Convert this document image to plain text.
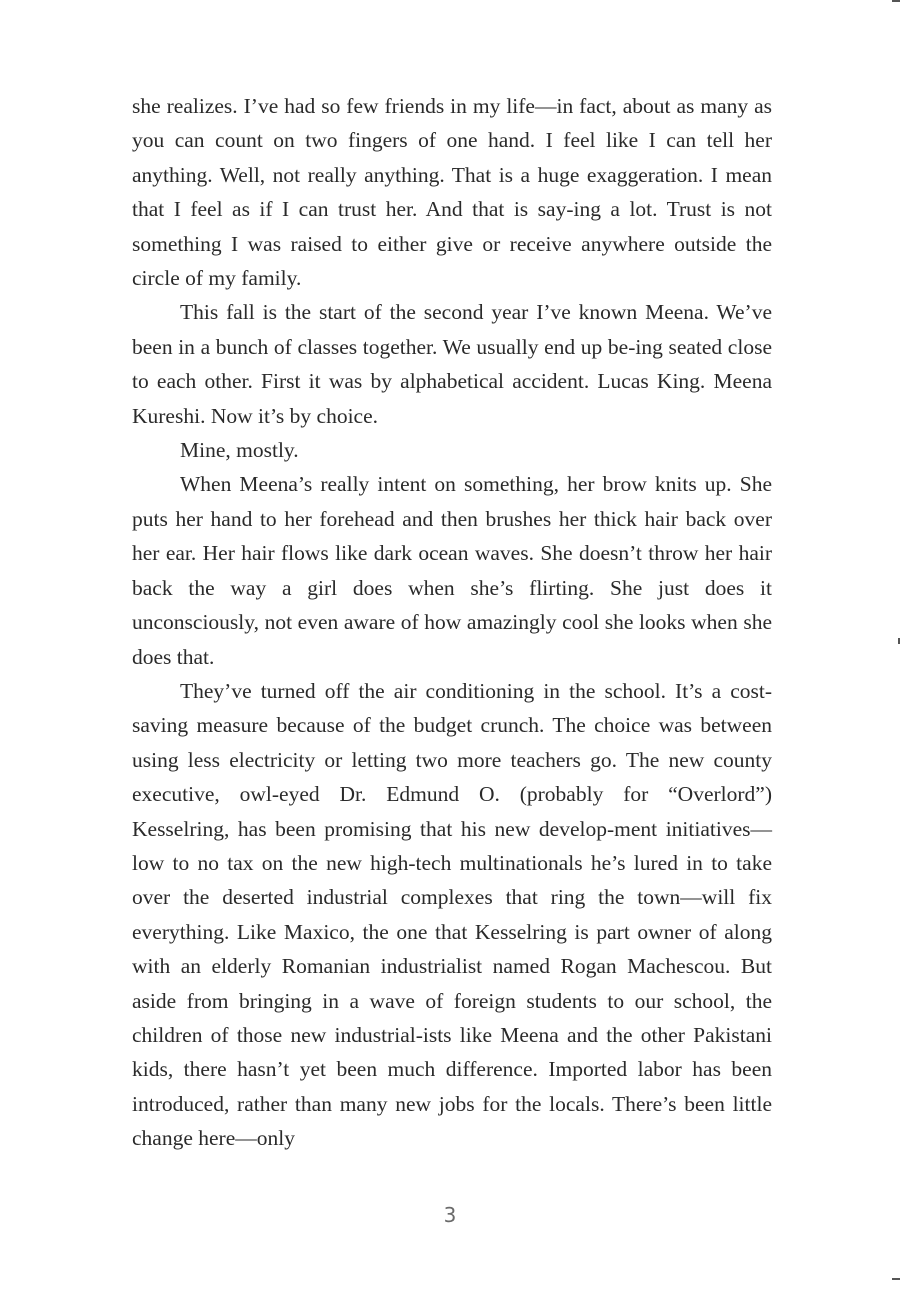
she realizes. I’ve had so few friends in my life—in fact, about as many as you can count on two fingers of one hand. I feel like I can tell her anything. Well, not really anything. That is a huge exaggeration. I mean that I feel as if I can trust her. And that is say-ing a lot. Trust is not something I was raised to either give or receive anywhere outside the circle of my family.

This fall is the start of the second year I’ve known Meena. We’ve been in a bunch of classes together. We usually end up be-ing seated close to each other. First it was by alphabetical accident. Lucas King. Meena Kureshi. Now it’s by choice.

Mine, mostly.

When Meena’s really intent on something, her brow knits up. She puts her hand to her forehead and then brushes her thick hair back over her ear. Her hair flows like dark ocean waves. She doesn’t throw her hair back the way a girl does when she’s flirting. She just does it unconsciously, not even aware of how amazingly cool she looks when she does that.

They’ve turned off the air conditioning in the school. It’s a cost-saving measure because of the budget crunch. The choice was between using less electricity or letting two more teachers go. The new county executive, owl-eyed Dr. Edmund O. (probably for “Overlord”) Kesselring, has been promising that his new develop-ment initiatives—low to no tax on the new high-tech multinationals he’s lured in to take over the deserted industrial complexes that ring the town—will fix everything. Like Maxico, the one that Kesselring is part owner of along with an elderly Romanian industrialist named Rogan Machescou. But aside from bringing in a wave of foreign students to our school, the children of those new industrial-ists like Meena and the other Pakistani kids, there hasn’t yet been much difference. Imported labor has been introduced, rather than many new jobs for the locals. There’s been little change here—only

3
